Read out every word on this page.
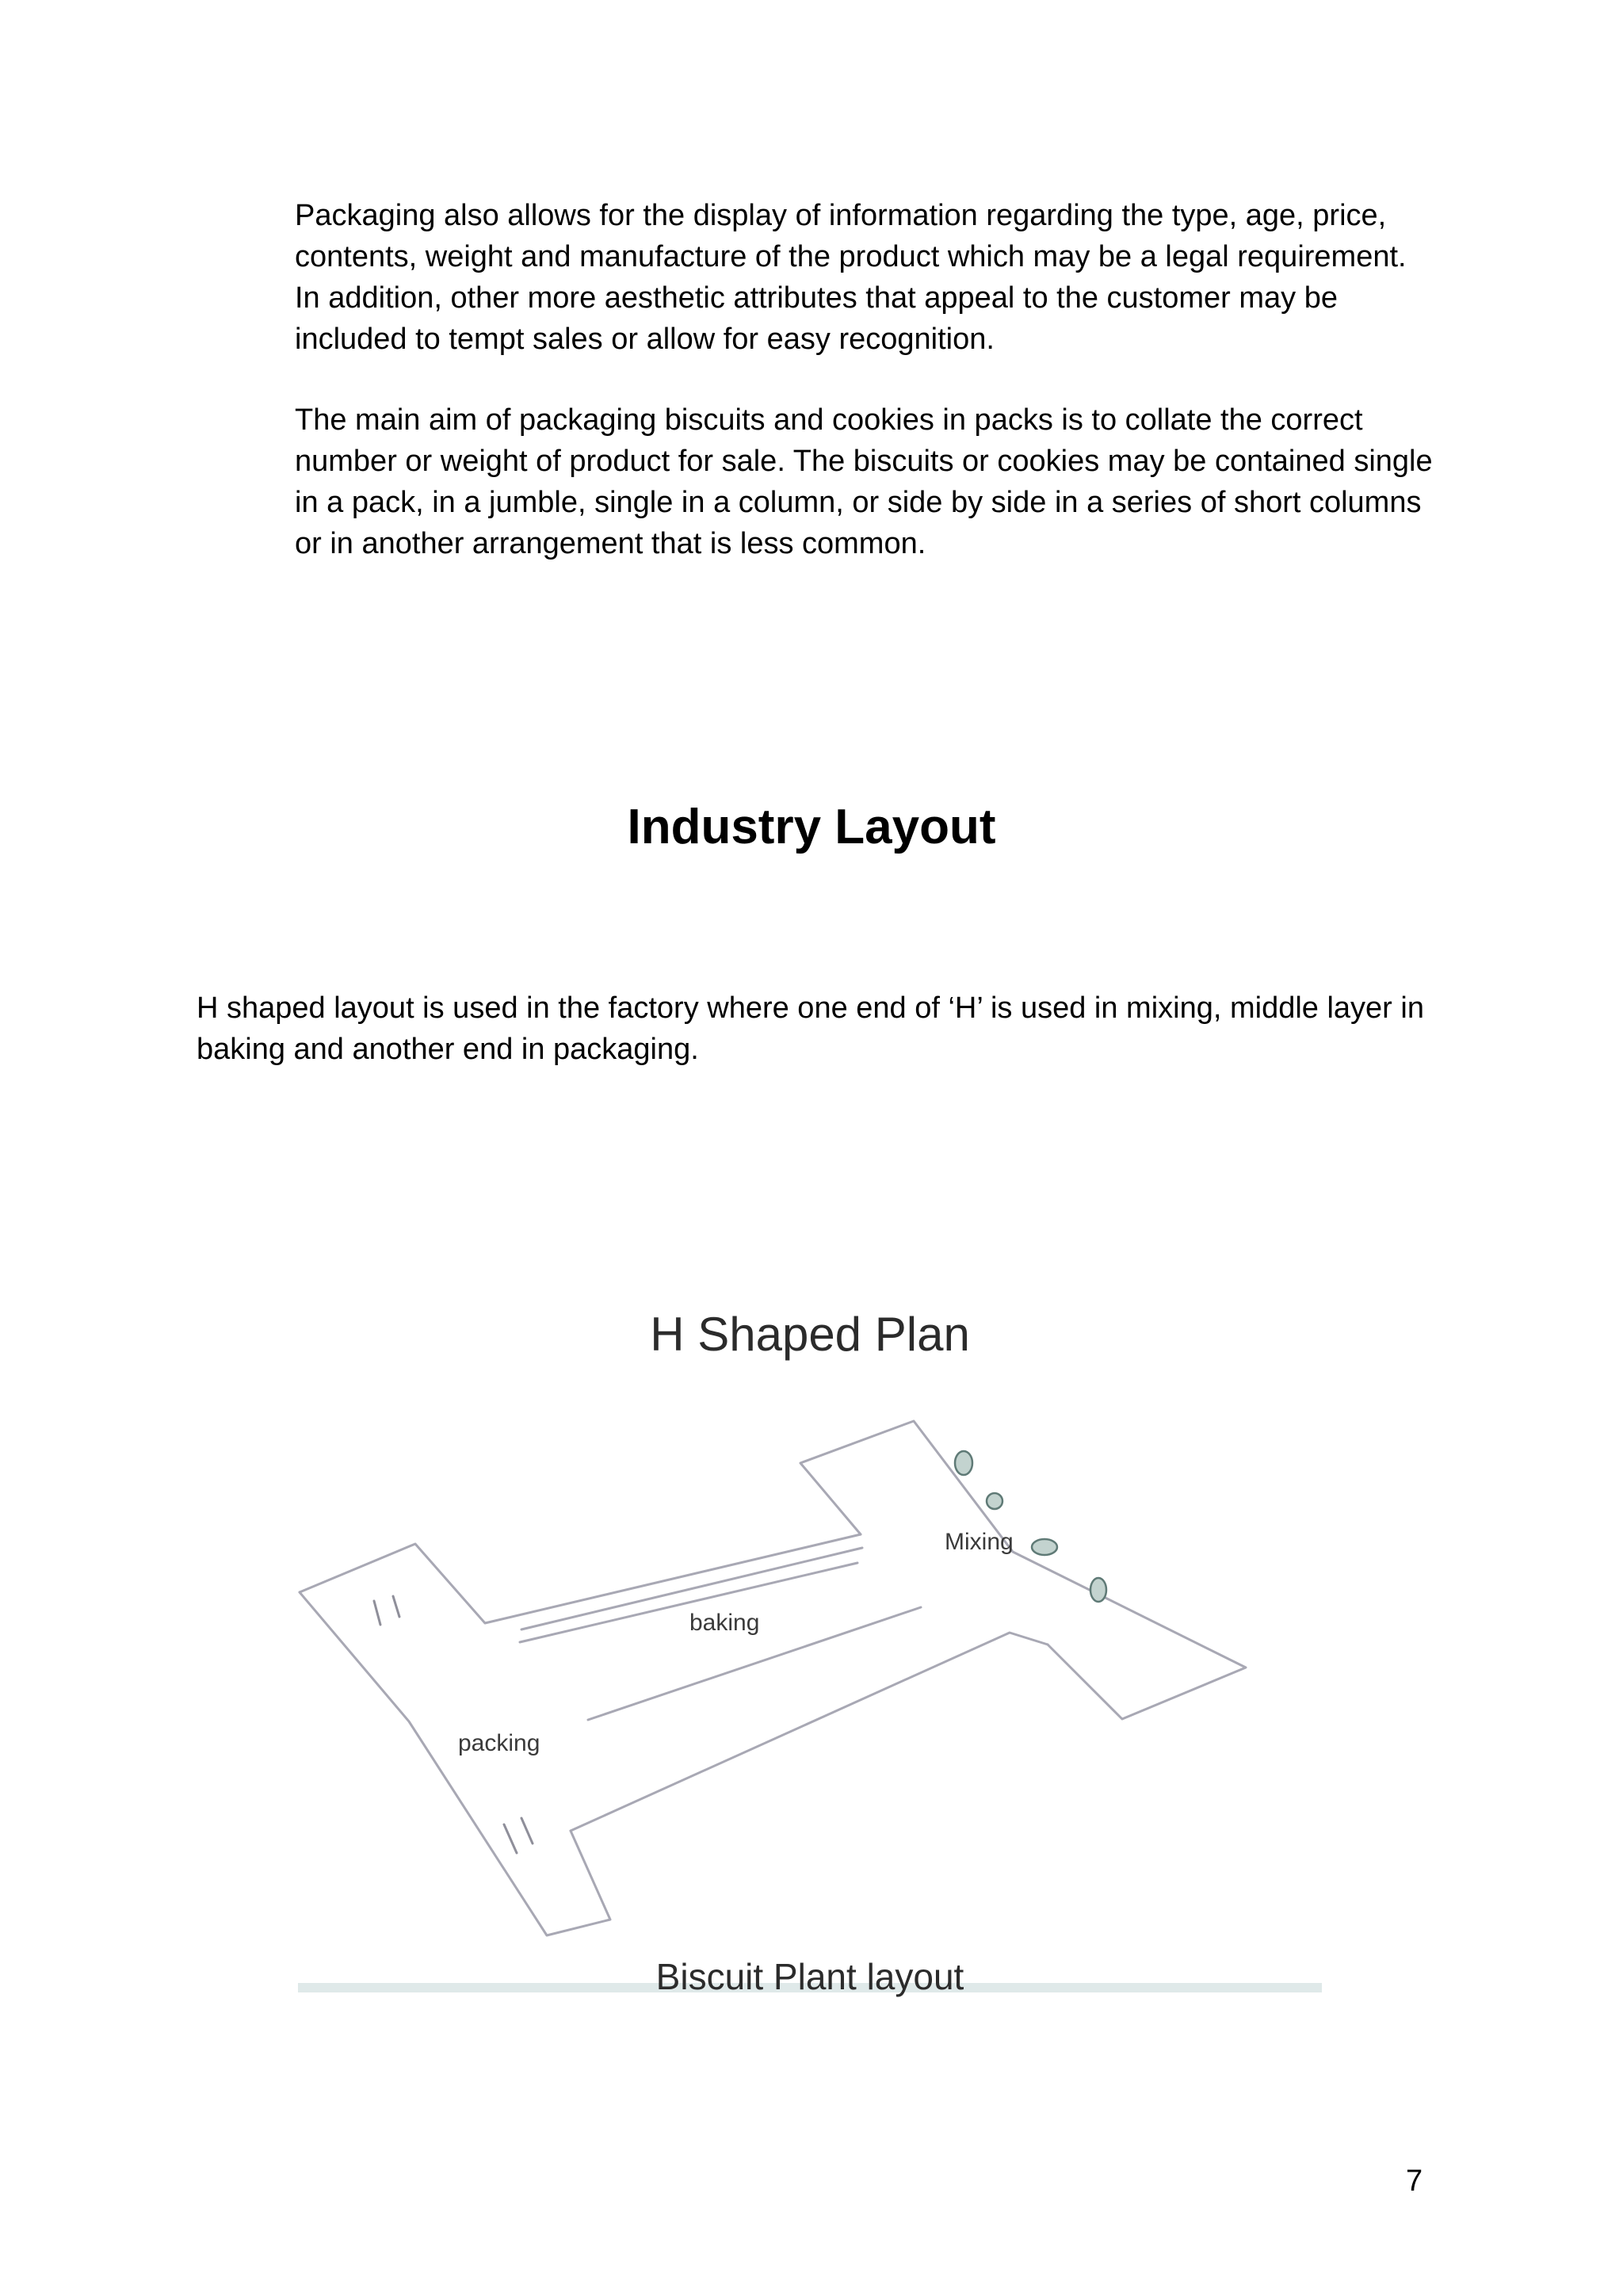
Packaging also allows for the display of information regarding the type, age, price,
contents, weight and manufacture of the product which may be a legal requirement.
In addition, other more aesthetic attributes that appeal to the customer may be
included to tempt sales or allow for easy recognition.

The main aim of packaging biscuits and cookies in packs is to collate the correct
number or weight of product for sale. The biscuits or cookies may be contained single
in a pack, in a jumble, single in a column, or side by side in a series of short columns
or in another arrangement that is less common.

Industry Layout

H shaped layout is used in the factory where one end of ‘H’ is used in mixing, middle layer in
baking and another end in packaging.

H Shaped Plan
Mixing
baking
packing
Biscuit Plant layout
7
